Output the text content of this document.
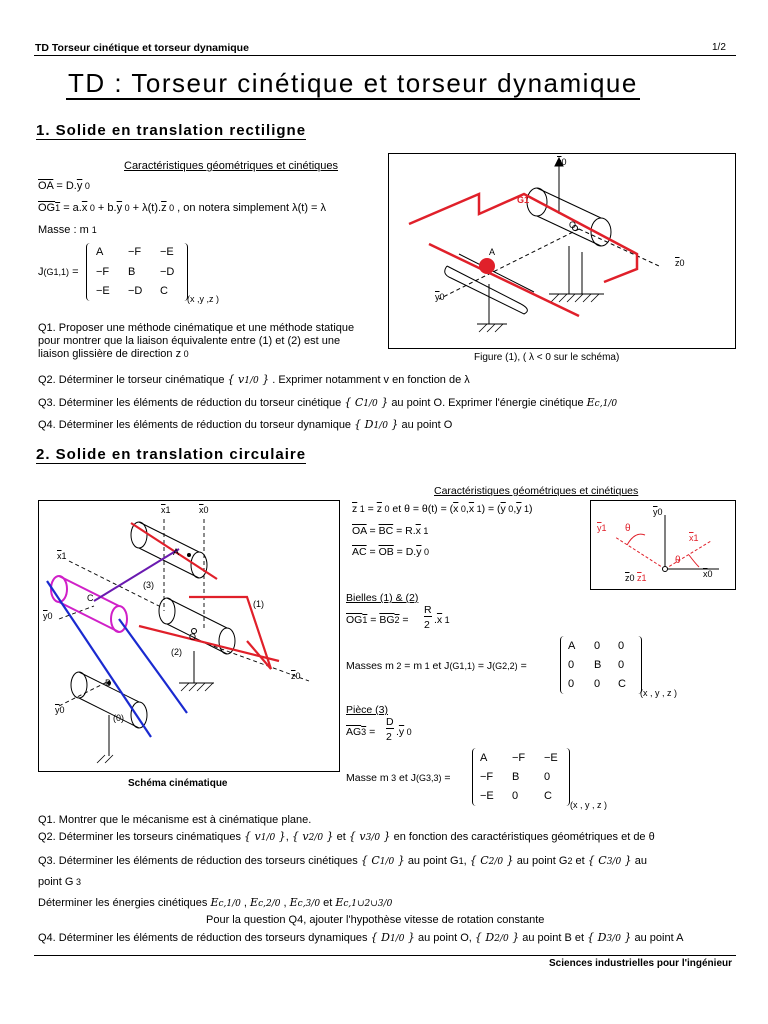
TD Torseur cinétique et torseur dynamique	1/2
TD : Torseur cinétique et torseur dynamique
1. Solide en translation rectiligne
Caractéristiques géométriques et cinétiques
$\overline{OA} = D.\overline{y}$ 0
$OG1 = a.\overline{x}$ $0 + b.\overline{y}$ $0 + \lambda(t).\overline{z}$ 0 , on notera simplement λ(t) = λ
Masse : m 1
J(G1,1) =
A −F −E
−F B −D
−E −D C
(x ,y ,z )
Q1. Proposer une méthode cinématique et une méthode statique
pour montrer que la liaison équivalente entre (1) et (2) est une
liaison glissière de direction z 0
$\overline{x}0$
$\overline{z}0$
$\overline{y}0$
G1
O
A
Figure (1), ( λ < 0 sur le schéma)
Q2. Déterminer le torseur cinématique { v1/0 } . Exprimer notamment v en fonction de λ
Q3. Déterminer les éléments de réduction du torseur cinétique { C1/0 } au point O. Exprimer l'énergie cinétique Ec,1/0
Q4. Déterminer les éléments de réduction du torseur dynamique { D1/0 } au point O
2. Solide en translation circulaire
$\overline{x}1$	$\overline{x}0$
$\overline{x}1$
$\overline{y}0$
$\overline{y}0$
$\overline{z}0$
A
B
C
O
(1)
(2)
(3)
(0)
Schéma cinématique
Caractéristiques géométriques et cinétiques
$\overline{z}$ $1 = \overline{z}$ 0 et $\theta = \theta(t) = (\overline{x}$ $0,\overline{x}$ $1) = (\overline{y}$ $0,\overline{y}$ 1)
$\overline{OA} = \overline{BC} = R.\overline{x}$ 1
$\overline{AC} = \overline{OB} = D.\overline{y}$ 0
$\overline{y}0$
$\overline{y}1$ θ
$\overline{x}1$
θ
$\overline{x}0$
$\overline{z}0$ $\overline{z}1$
Bielles (1) & (2)
OG1 = BG2 =
R
2 $.\overline{x}$ 1
Masses m 2 = m 1 et J(G1,1) = J(G2,2) =
A 0 0
0 B 0
0 0 C
(x , y , z )
Pièce (3)
AG3 =
D
2 $.\overline{y}$ 0
Masse m 3 et J(G3,3) =
A −F −E
−F B 0
−E 0 C
(x , y , z )
Q1. Montrer que le mécanisme est à cinématique plane.
Q2. Déterminer les torseurs cinématiques { v1/0 }, { v2/0 } et { v3/0 } en fonction des caractéristiques géométriques et de θ
Q3. Déterminer les éléments de réduction des torseurs cinétiques { C1/0 } au point G1, { C2/0 } au point G2 et { C3/0 } au
point G 3
Déterminer les énergies cinétiques Ec,1/0 , Ec,2/0 , Ec,3/0 et Ec,1∪2∪3/0
Pour la question Q4, ajouter l'hypothèse vitesse de rotation constante
Q4. Déterminer les éléments de réduction des torseurs dynamiques { D1/0 } au point O, { D2/0 } au point B et { D3/0 } au point A
Sciences industrielles pour l'ingénieur
